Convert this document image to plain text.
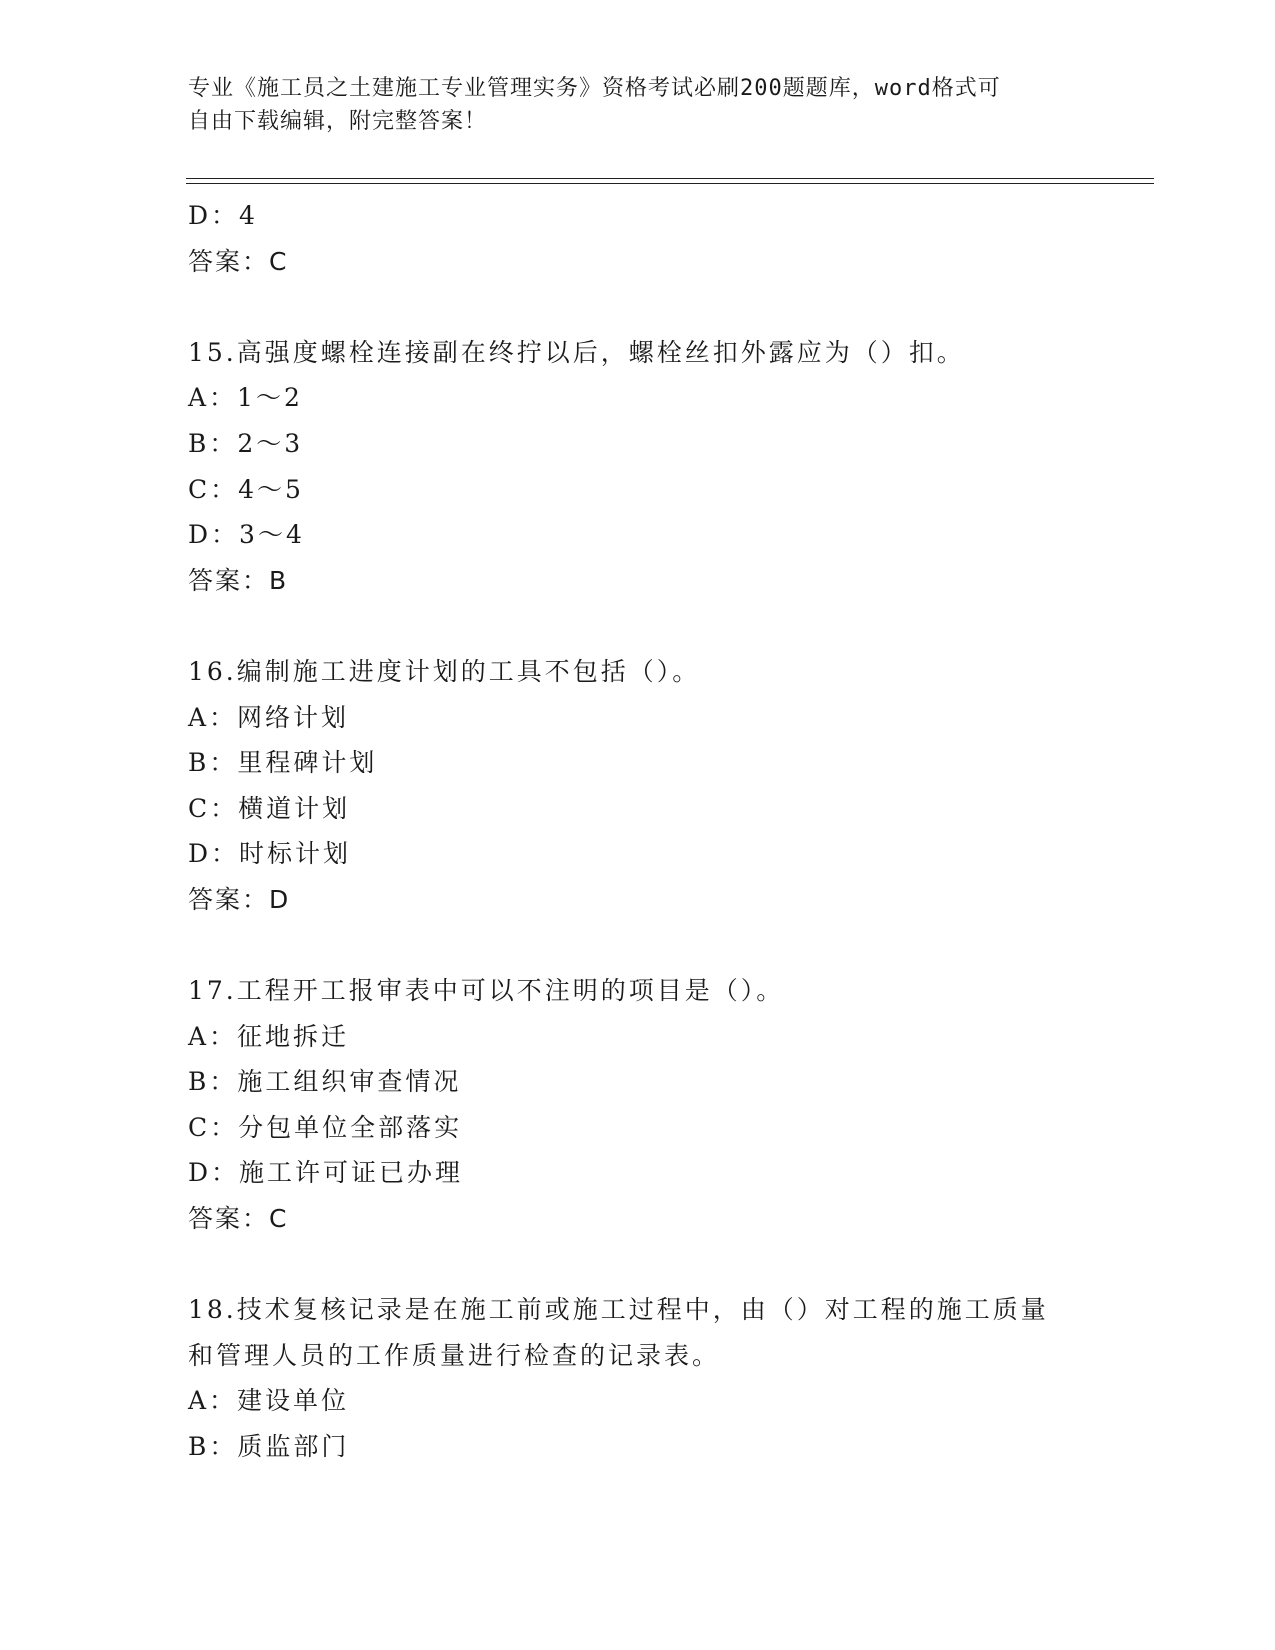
专业《施工员之土建施工专业管理实务》资格考试必刷200题题库，word格式可
自由下载编辑，附完整答案！
D：4
答案：C
15.高强度螺栓连接副在终拧以后，螺栓丝扣外露应为（）扣。
A：1～2
B：2～3
C：4～5
D：3～4
答案：B
16.编制施工进度计划的工具不包括（）。
A：网络计划
B：里程碑计划
C：横道计划
D：时标计划
答案：D
17.工程开工报审表中可以不注明的项目是（）。
A：征地拆迁
B：施工组织审查情况
C：分包单位全部落实
D：施工许可证已办理
答案：C
18.技术复核记录是在施工前或施工过程中，由（）对工程的施工质量
和管理人员的工作质量进行检查的记录表。
A：建设单位
B：质监部门
